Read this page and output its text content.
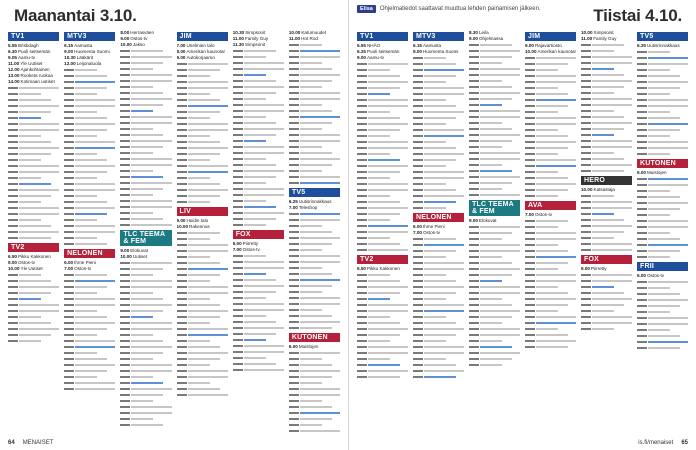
Maanantai 3.10.
TV1
5.55Brisbdagh
6.30Puoli seitsemän
9.05Aamu-tv
11.00Yle Uutiset
12.00Ajankohtainen
13.00Rooketa ruokaa
14.00Kotimaan uutiset
TV2
6.50Pikku Kakkonen
9.00Ostos-tv
10.00Yle Uutiset
MTV3
6.15Aamusta
9.00Huomenta Suomi
10.30Lääkärit
12.00Leijonaluola
NELONEN
6.00Ihme Pieni
7.00Ostos-tv
8.00Herrasväen
9.00Ostos-tv
10.00Jakso
TLC TEEMA & FEM
9.00Elokuvat
10.00Uutiset
JIM
7.00Unelmien talo
8.00Amerikan kaunotar
9.00Autokorjaamo
LIV
9.00Hoidin talo
10.00Rakennus
10.30Simpsonit
11.00Family Guy
11.30Simpsonit
FOX
6.00Piirretty
7.00Ostos-tv
10.00Katumuudet
11.00Hot Rod
TV5
6.25Uutisrinnakkaus
7.00Teleshop
KUTONEN
6.00Muistojen
64 MENAISET
Elisa	Ohjelmatiedot saattavat muuttua lehden painamisen jälkeen.	Tiistai 4.10.
TV1
5.55NHÄO
6.25Puoli seitsemän
9.00Aamu-tv
TV2
6.50Pikku Kakkonen
MTV3
6.15Aamusta
9.00Huomenta Suomi
NELONEN
6.00Ihme Pieni
7.00Ostos-tv
8.30Leila
9.00Ohjelmassa
TLC TEEMA & FEM
9.00Elokuvat
JIM
9.00Rajavartiosto
10.00Amerikan kaunotar
AVA
7.00Ostos-tv
10.00Simpsonit
11.00Family Guy
HERO
10.00Katsastaja
FOX
6.00Piirretty
TV5
6.25Uutisrinnakkaus
KUTONEN
6.00Muistojen
FRII
6.00Ostos-tv
is.fi/menaiset 65
